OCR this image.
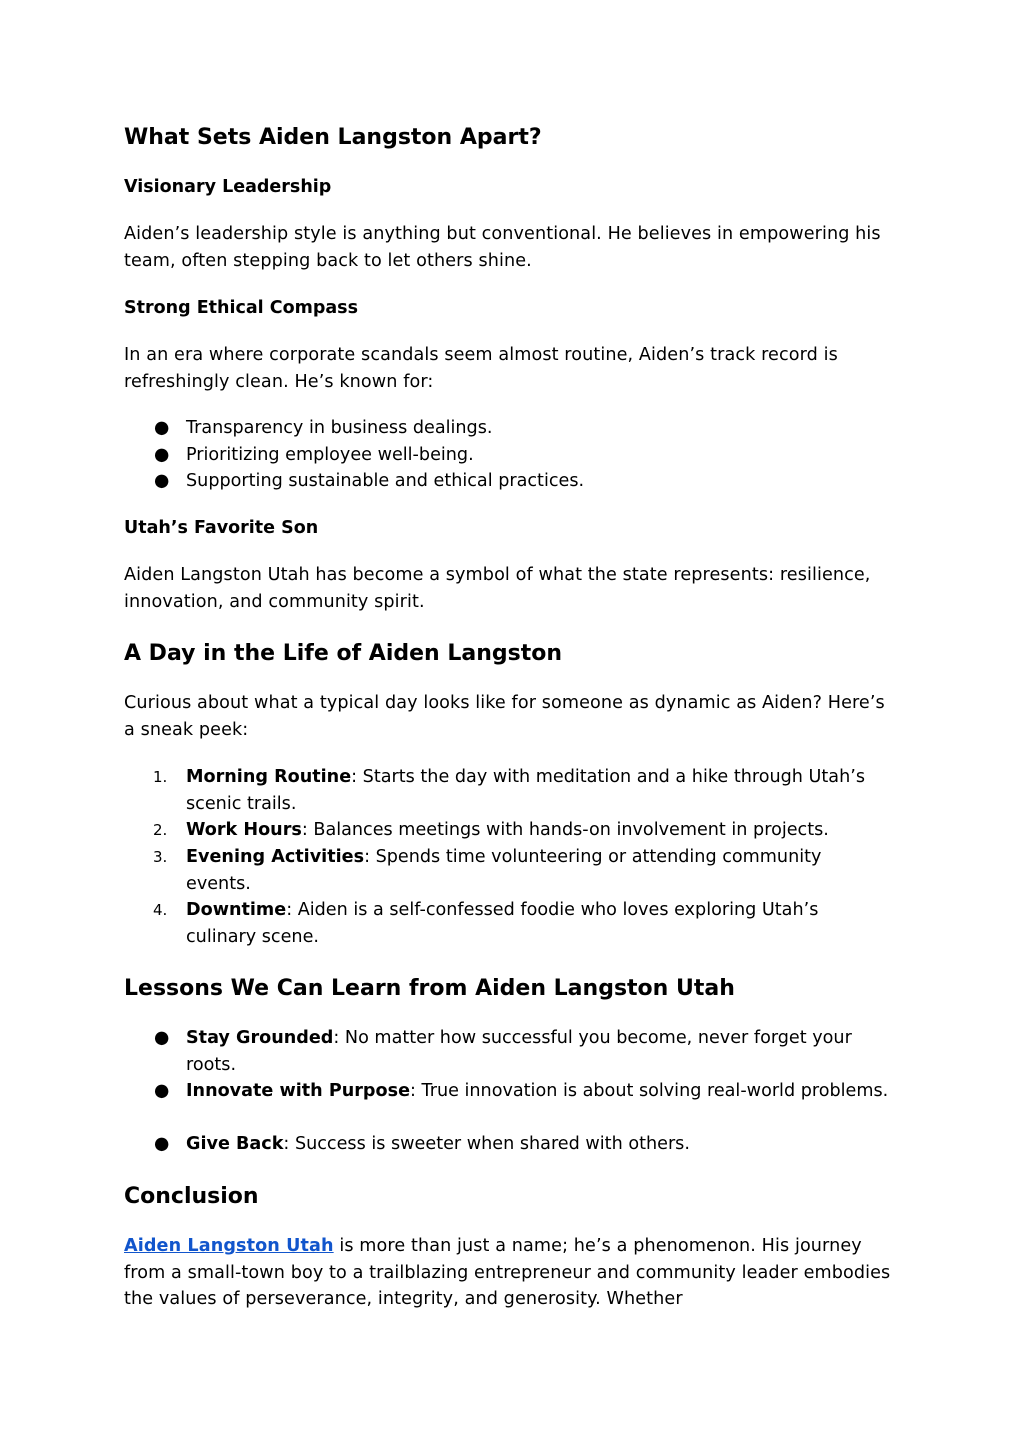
What Sets Aiden Langston Apart?
Visionary Leadership

Aiden’s leadership style is anything but conventional. He believes in empowering his team, often stepping back to let others shine.

Strong Ethical Compass

In an era where corporate scandals seem almost routine, Aiden’s track record is refreshingly clean. He’s known for:

● Transparency in business dealings.
● Prioritizing employee well-being.
● Supporting sustainable and ethical practices.
Utah’s Favorite Son

Aiden Langston Utah has become a symbol of what the state represents: resilience, innovation, and community spirit.

A Day in the Life of Aiden Langston

Curious about what a typical day looks like for someone as dynamic as Aiden? Here’s a sneak peek:

1.	Morning Routine: Starts the day with meditation and a hike through Utah’s scenic trails.
2.	Work Hours: Balances meetings with hands-on involvement in projects.
3.	Evening Activities: Spends time volunteering or attending community events.
4.	Downtime: Aiden is a self-confessed foodie who loves exploring Utah’s culinary scene.
Lessons We Can Learn from Aiden Langston Utah
● Stay Grounded: No matter how successful you become, never forget your roots.
● Innovate with Purpose: True innovation is about solving real-world problems.
● Give Back: Success is sweeter when shared with others.
Conclusion

Aiden Langston Utah is more than just a name; he’s a phenomenon. His journey from a small-town boy to a trailblazing entrepreneur and community leader embodies the values of perseverance, integrity, and generosity. Whether
